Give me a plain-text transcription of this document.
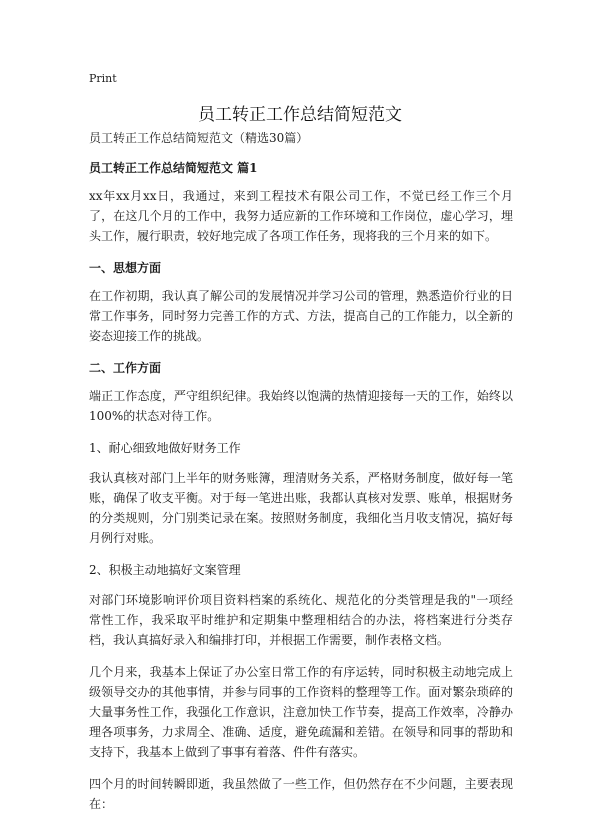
Print
员工转正工作总结简短范文

员工转正工作总结简短范文（精选30篇）

员工转正工作总结简短范文 篇1

xx年xx月xx日，我通过，来到工程技术有限公司工作，不觉已经工作三个月了，在这几个月的工作中，我努力适应新的工作环境和工作岗位，虚心学习，埋头工作，履行职责，较好地完成了各项工作任务，现将我的三个月来的如下。

一、思想方面

在工作初期，我认真了解公司的发展情况并学习公司的管理，熟悉造价行业的日常工作事务，同时努力完善工作的方式、方法，提高自己的工作能力，以全新的姿态迎接工作的挑战。

二、工作方面

端正工作态度，严守组织纪律。我始终以饱满的热情迎接每一天的工作，始终以100%的状态对待工作。

1、耐心细致地做好财务工作

我认真核对部门上半年的财务账簿，理清财务关系，严格财务制度，做好每一笔账，确保了收支平衡。对于每一笔进出账，我都认真核对发票、账单，根据财务的分类规则，分门别类记录在案。按照财务制度，我细化当月收支情况，搞好每月例行对账。

2、积极主动地搞好文案管理

对部门环境影响评价项目资料档案的系统化、规范化的分类管理是我的"一项经常性工作，我采取平时维护和定期集中整理相结合的办法，将档案进行分类存档，我认真搞好录入和编排打印，并根据工作需要，制作表格文档。

几个月来，我基本上保证了办公室日常工作的有序运转，同时积极主动地完成上级领导交办的其他事情，并参与同事的工作资料的整理等工作。面对繁杂琐碎的大量事务性工作，我强化工作意识，注意加快工作节奏，提高工作效率，冷静办理各项事务，力求周全、准确、适度，避免疏漏和差错。在领导和同事的帮助和支持下，我基本上做到了事事有着落、件件有落实。

四个月的时间转瞬即逝，我虽然做了一些工作，但仍然存在不少问题，主要表现在：
